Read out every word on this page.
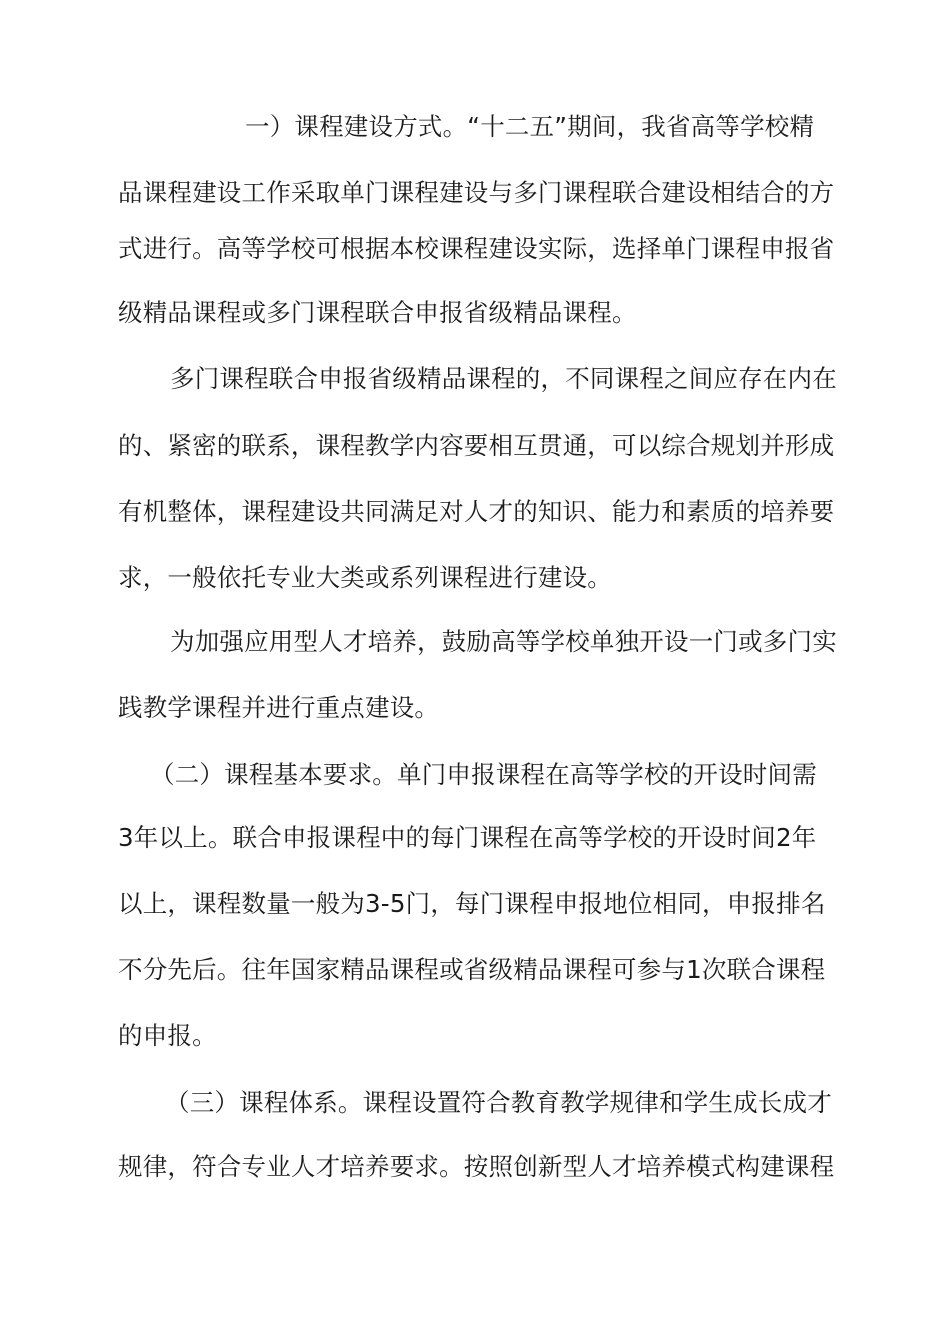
一）课程建设方式。“十二五”期间，我省高等学校精
品课程建设工作采取单门课程建设与多门课程联合建设相结合的方
式进行。高等学校可根据本校课程建设实际，选择单门课程申报省
级精品课程或多门课程联合申报省级精品课程。
多门课程联合申报省级精品课程的，不同课程之间应存在内在
的、紧密的联系，课程教学内容要相互贯通，可以综合规划并形成
有机整体，课程建设共同满足对人才的知识、能力和素质的培养要
求，一般依托专业大类或系列课程进行建设。
为加强应用型人才培养，鼓励高等学校单独开设一门或多门实
践教学课程并进行重点建设。
（二）课程基本要求。单门申报课程在高等学校的开设时间需
3年以上。联合申报课程中的每门课程在高等学校的开设时间2年
以上，课程数量一般为3-5门，每门课程申报地位相同，申报排名
不分先后。往年国家精品课程或省级精品课程可参与1次联合课程
的申报。
（三）课程体系。课程设置符合教育教学规律和学生成长成才
规律，符合专业人才培养要求。按照创新型人才培养模式构建课程
